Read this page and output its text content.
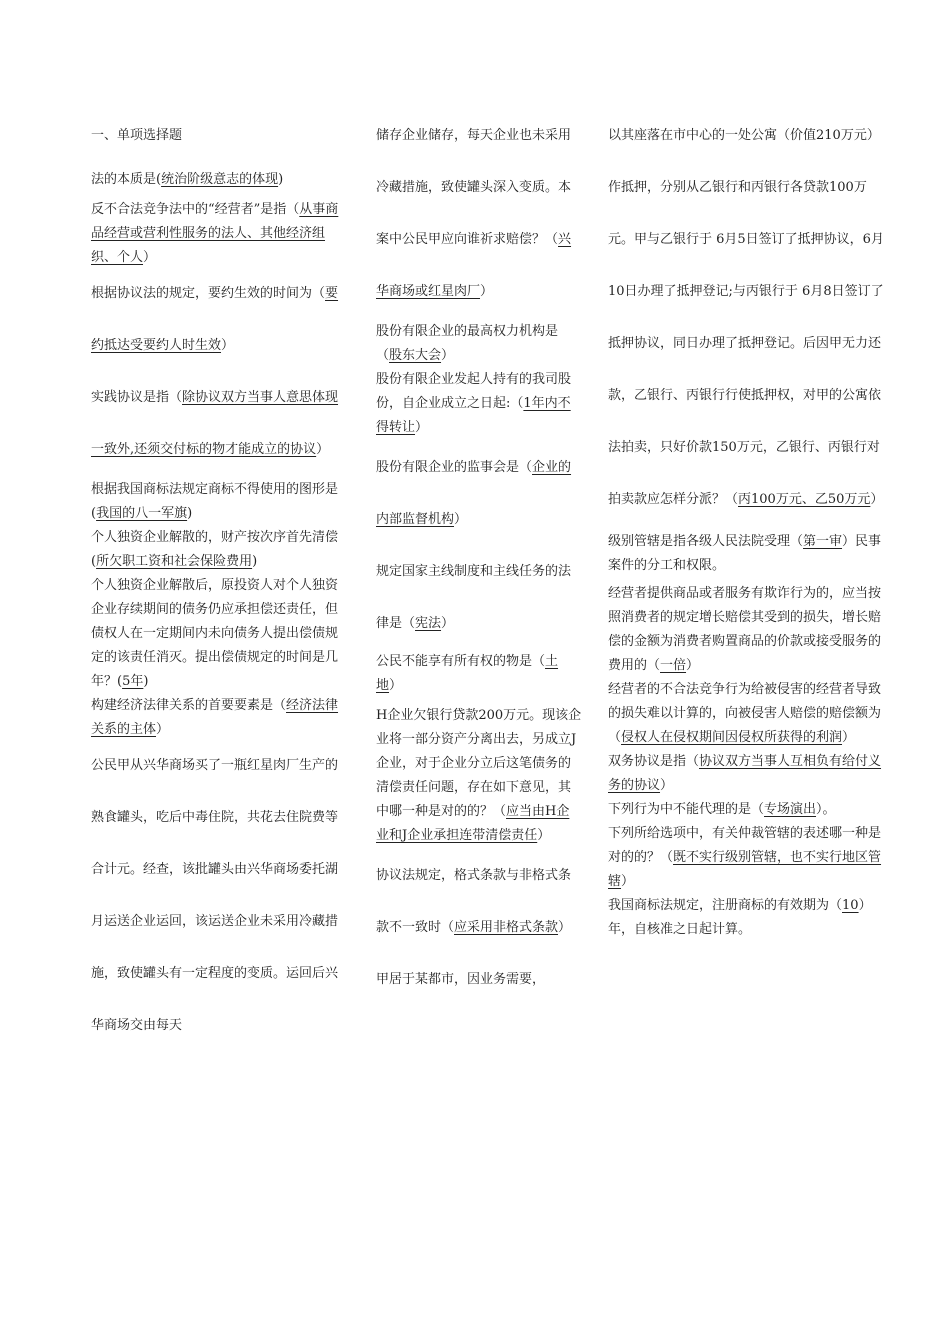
一、单项选择题

法的本质是(统治阶级意志的体现)

反不合法竞争法中的“经营者”是指（从事商品经营或营利性服务的法人、其他经济组织、个人）

根据协议法的规定，要约生效的时间为（要约抵达受要约人时生效）

实践协议是指（除协议双方当事人意思体现一致外,还须交付标的物才能成立的协议）

根据我国商标法规定商标不得使用的图形是(我国的八一军旗)

个人独资企业解散的，财产按次序首先清偿(所欠职工资和社会保险费用)

个人独资企业解散后，原投资人对个人独资企业存续期间的债务仍应承担偿还责任，但债权人在一定期间内未向债务人提出偿债规定的该责任消灭。提出偿债规定的时间是几年？(5年)

构建经济法律关系的首要要素是（经济法律关系的主体）

公民甲从兴华商场买了一瓶红星肉厂生产的熟食罐头，吃后中毒住院，共花去住院费等合计元。经查，该批罐头由兴华商场委托湖月运送企业运回，该运送企业未采用冷藏措施，致使罐头有一定程度的变质。运回后兴华商场交由每天

储存企业储存，每天企业也未采用冷藏措施，致使罐头深入变质。本案中公民甲应向谁祈求赔偿？（兴华商场或红星肉厂）

股份有限企业的最高权力机构是（股东大会）

股份有限企业发起人持有的我司股份，自企业成立之日起:（1年内不得转让）

股份有限企业的监事会是（企业的内部监督机构）

规定国家主线制度和主线任务的法律是（宪法）

公民不能享有所有权的物是（土地）

H企业欠银行贷款200万元。现该企业将一部分资产分离出去，另成立J企业，对于企业分立后这笔债务的清偿责任问题，存在如下意见，其中哪一种是对的的？（应当由H企业和J企业承担连带清偿责任）

协议法规定，格式条款与非格式条款不一致时（应采用非格式条款）

甲居于某都市，因业务需要，

以其座落在市中心的一处公寓（价值210万元）作抵押，分别从乙银行和丙银行各贷款100万元。甲与乙银行于 6月5日签订了抵押协议，6月10日办理了抵押登记;与丙银行于 6月8日签订了抵押协议，同日办理了抵押登记。后因甲无力还款，乙银行、丙银行行使抵押权，对甲的公寓依法拍卖，只好价款150万元，乙银行、丙银行对拍卖款应怎样分派？（丙100万元、乙50万元）

级别管辖是指各级人民法院受理（第一审）民事案件的分工和权限。

经营者提供商品或者服务有欺诈行为的，应当按照消费者的规定增长赔偿其受到的损失，增长赔偿的金额为消费者购置商品的价款或接受服务的费用的（一倍）

经营者的不合法竞争行为给被侵害的经营者导致的损失难以计算的，向被侵害人赔偿的赔偿额为（侵权人在侵权期间因侵权所获得的利润）

双务协议是指（协议双方当事人互相负有给付义务的协议）

下列行为中不能代理的是（专场演出）。

下列所给选项中，有关仲裁管辖的表述哪一种是对的的？（既不实行级别管辖，也不实行地区管辖）

我国商标法规定，注册商标的有效期为（10）年，自核准之日起计算。
